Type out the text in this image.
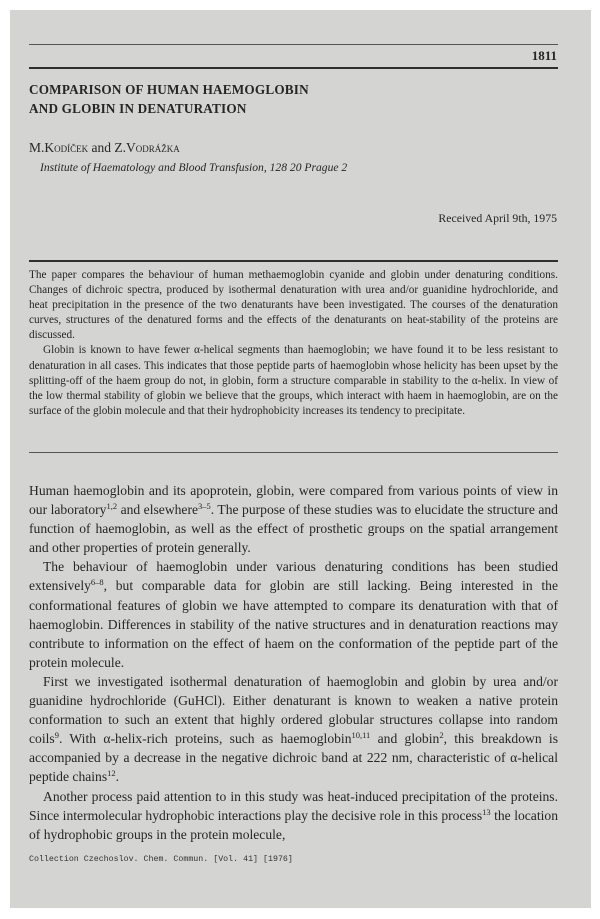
1811
COMPARISON OF HUMAN HAEMOGLOBIN
AND GLOBIN IN DENATURATION
M.Kodíček and Z.Vodrážka
Institute of Haematology and Blood Transfusion, 128 20 Prague 2
Received April 9th, 1975

The paper compares the behaviour of human methaemoglobin cyanide and globin under denaturing conditions. Changes of dichroic spectra, produced by isothermal denaturation with urea and/or guanidine hydrochloride, and heat precipitation in the presence of the two denaturants have been investigated. The courses of the denaturation curves, structures of the denatured forms and the effects of the denaturants on heat-stability of the proteins are discussed.

Globin is known to have fewer α-helical segments than haemoglobin; we have found it to be less resistant to denaturation in all cases. This indicates that those peptide parts of haemoglobin whose helicity has been upset by the splitting-off of the haem group do not, in globin, form a structure comparable in stability to the α-helix. In view of the low thermal stability of globin we believe that the groups, which interact with haem in haemoglobin, are on the surface of the globin molecule and that their hydrophobicity increases its tendency to precipitate.

Human haemoglobin and its apoprotein, globin, were compared from various points of view in our laboratory$^{1,2}$ and elsewhere$^{3-5}$. The purpose of these studies was to elucidate the structure and function of haemoglobin, as well as the effect of prosthetic groups on the spatial arrangement and other properties of protein generally.

The behaviour of haemoglobin under various denaturing conditions has been studied extensively$^{6-8}$, but comparable data for globin are still lacking. Being interested in the conformational features of globin we have attempted to compare its denaturation with that of haemoglobin. Differences in stability of the native structures and in denaturation reactions may contribute to information on the effect of haem on the conformation of the peptide part of the protein molecule.

First we investigated isothermal denaturation of haemoglobin and globin by urea and/or guanidine hydrochloride (GuHCl). Either denaturant is known to weaken a native protein conformation to such an extent that highly ordered globular structures collapse into random coils$^9$. With α-helix-rich proteins, such as haemoglobin$^{10,11}$ and globin$^2$, this breakdown is accompanied by a decrease in the negative dichroic band at 222 nm, characteristic of α-helical peptide chains$^{12}$.

Another process paid attention to in this study was heat-induced precipitation of the proteins. Since intermolecular hydrophobic interactions play the decisive role in this process$^{13}$ the location of hydrophobic groups in the protein molecule,

Collection Czechoslov. Chem. Commun. [Vol. 41] [1976]
